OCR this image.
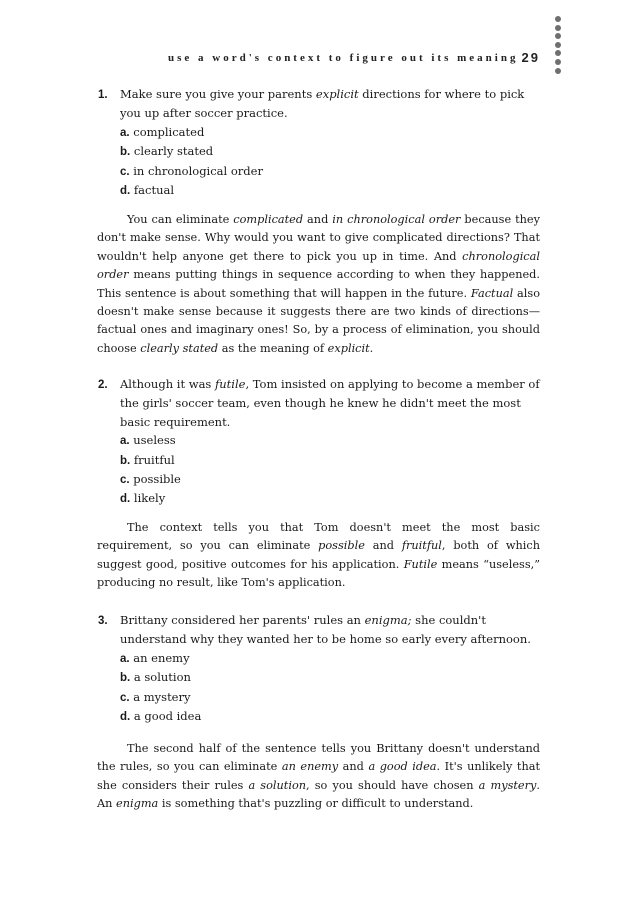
use a word's context to figure out its meaning 29
1. Make sure you give your parents explicit directions for where to pick you up after soccer practice.
a. complicated
b. clearly stated
c. in chronological order
d. factual

You can eliminate complicated and in chronological order because they don't make sense. Why would you want to give complicated directions? That wouldn't help anyone get there to pick you up in time. And chronological order means putting things in sequence according to when they happened. This sentence is about something that will happen in the future. Factual also doesn't make sense because it suggests there are two kinds of directions—factual ones and imaginary ones! So, by a process of elimination, you should choose clearly stated as the meaning of explicit.

2. Although it was futile, Tom insisted on applying to become a member of the girls' soccer team, even though he knew he didn't meet the most basic requirement.
a. useless
b. fruitful
c. possible
d. likely

The context tells you that Tom doesn't meet the most basic requirement, so you can eliminate possible and fruitful, both of which suggest good, positive outcomes for his application. Futile means “useless,” producing no result, like Tom's application.

3. Brittany considered her parents' rules an enigma; she couldn't understand why they wanted her to be home so early every afternoon.
a. an enemy
b. a solution
c. a mystery
d. a good idea

The second half of the sentence tells you Brittany doesn't understand the rules, so you can eliminate an enemy and a good idea. It's unlikely that she considers their rules a solution, so you should have chosen a mystery. An enigma is something that's puzzling or difficult to understand.
